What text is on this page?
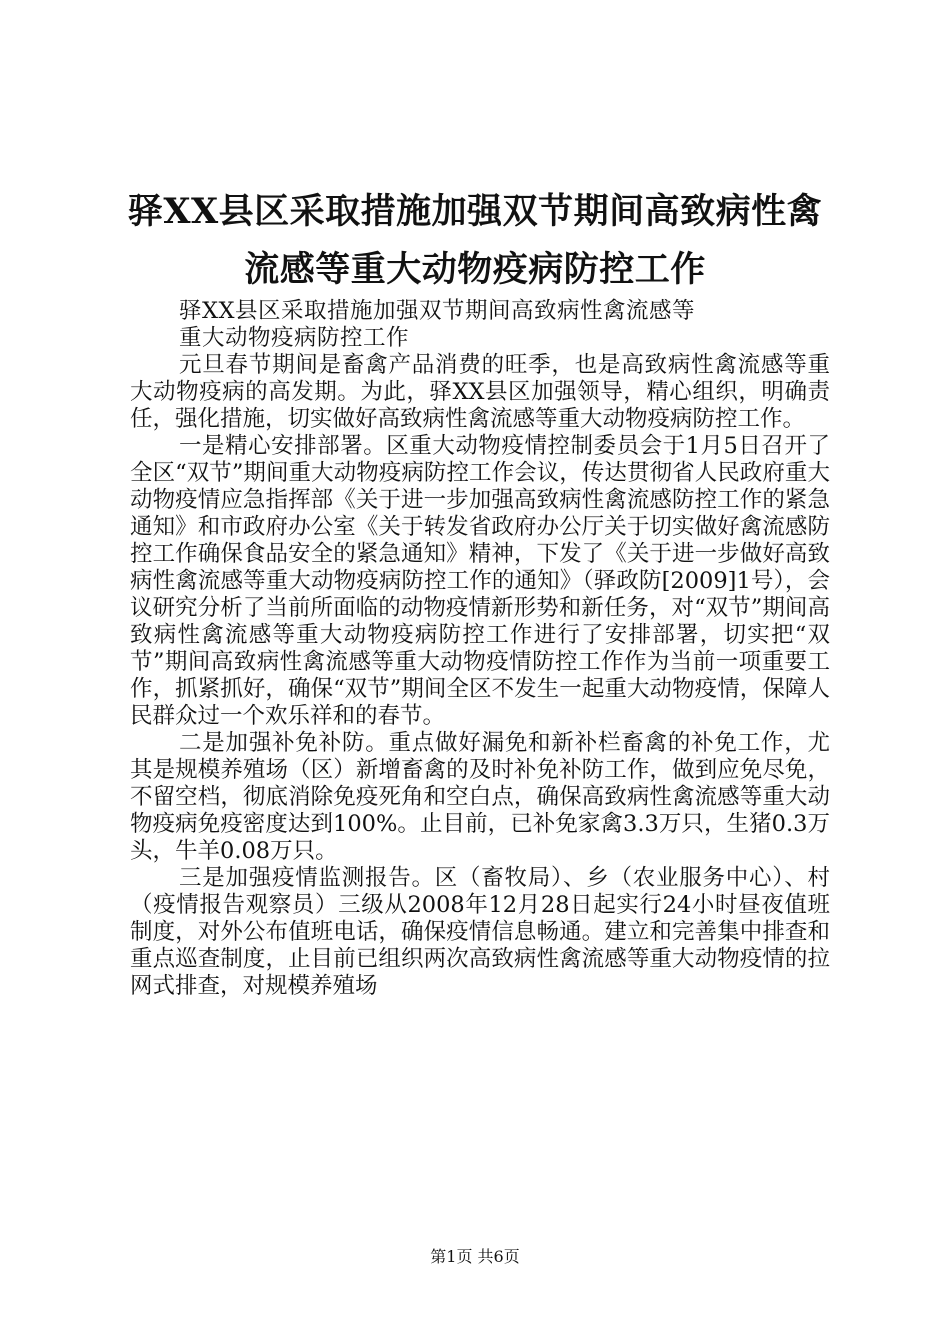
驿XX县区采取措施加强双节期间高致病性禽
流感等重大动物疫病防控工作

驿XX县区采取措施加强双节期间高致病性禽流感等

重大动物疫病防控工作

元旦春节期间是畜禽产品消费的旺季，也是高致病性禽流感等重大动物疫病的高发期。为此，驿XX县区加强领导，精心组织，明确责任，强化措施，切实做好高致病性禽流感等重大动物疫病防控工作。

一是精心安排部署。区重大动物疫情控制委员会于1月5日召开了全区“双节”期间重大动物疫病防控工作会议，传达贯彻省人民政府重大动物疫情应急指挥部《关于进一步加强高致病性禽流感防控工作的紧急通知》和市政府办公室《关于转发省政府办公厅关于切实做好禽流感防控工作确保食品安全的紧急通知》精神，下发了《关于进一步做好高致病性禽流感等重大动物疫病防控工作的通知》（驿政防[2009]1号），会议研究分析了当前所面临的动物疫情新形势和新任务，对“双节”期间高致病性禽流感等重大动物疫病防控工作进行了安排部署，切实把“双节”期间高致病性禽流感等重大动物疫情防控工作作为当前一项重要工作，抓紧抓好，确保“双节”期间全区不发生一起重大动物疫情，保障人民群众过一个欢乐祥和的春节。

二是加强补免补防。重点做好漏免和新补栏畜禽的补免工作，尤其是规模养殖场（区）新增畜禽的及时补免补防工作，做到应免尽免，不留空档，彻底消除免疫死角和空白点，确保高致病性禽流感等重大动物疫病免疫密度达到100%。止目前，已补免家禽3.3万只，生猪0.3万头，牛羊0.08万只。

三是加强疫情监测报告。区（畜牧局）、乡（农业服务中心）、村（疫情报告观察员）三级从2008年12月28日起实行24小时昼夜值班制度，对外公布值班电话，确保疫情信息畅通。建立和完善集中排查和重点巡查制度，止目前已组织两次高致病性禽流感等重大动物疫情的拉网式排查，对规模养殖场

第1页 共6页
